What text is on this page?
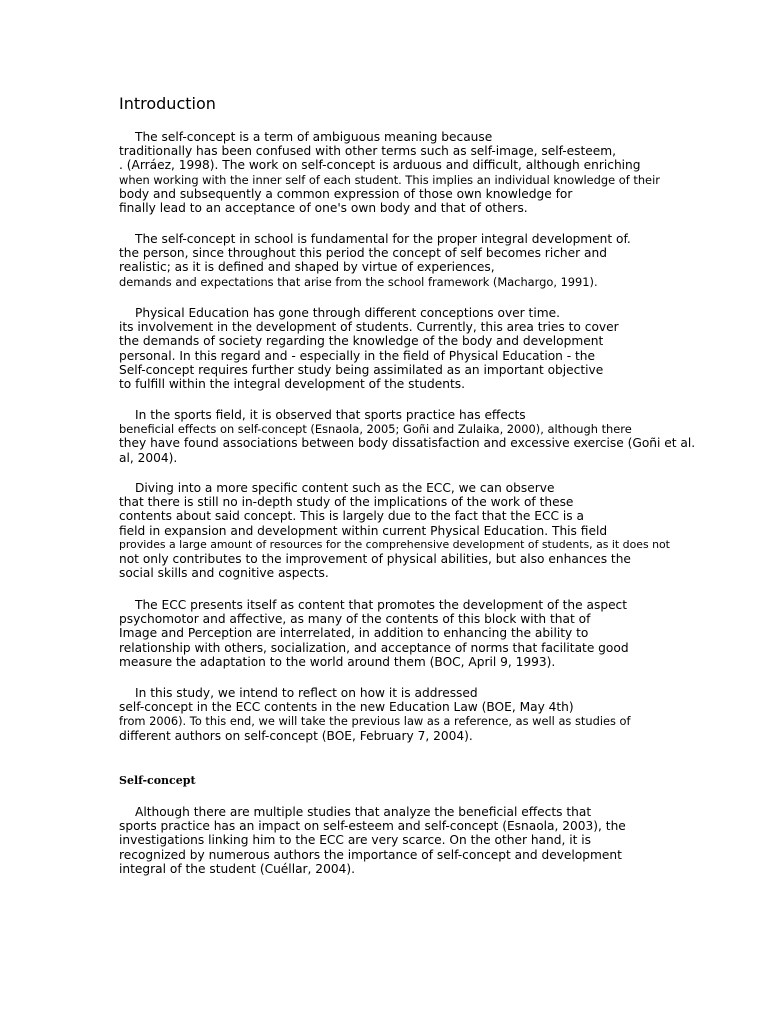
Introduction
The self-concept is a term of ambiguous meaning because
traditionally has been confused with other terms such as self-image, self-esteem,
. (Arráez, 1998). The work on self-concept is arduous and difficult, although enriching
when working with the inner self of each student. This implies an individual knowledge of their
body and subsequently a common expression of those own knowledge for
finally lead to an acceptance of one's own body and that of others.
The self-concept in school is fundamental for the proper integral development of.
the person, since throughout this period the concept of self becomes richer and
realistic; as it is defined and shaped by virtue of experiences,
demands and expectations that arise from the school framework (Machargo, 1991).
Physical Education has gone through different conceptions over time.
its involvement in the development of students. Currently, this area tries to cover
the demands of society regarding the knowledge of the body and development
personal. In this regard and - especially in the field of Physical Education - the
Self-concept requires further study being assimilated as an important objective
to fulfill within the integral development of the students.
In the sports field, it is observed that sports practice has effects
beneficial effects on self-concept (Esnaola, 2005; Goñi and Zulaika, 2000), although there
they have found associations between body dissatisfaction and excessive exercise (Goñi et al.
al, 2004).
Diving into a more specific content such as the ECC, we can observe
that there is still no in-depth study of the implications of the work of these
contents about said concept. This is largely due to the fact that the ECC is a
field in expansion and development within current Physical Education. This field
provides a large amount of resources for the comprehensive development of students, as it does not
not only contributes to the improvement of physical abilities, but also enhances the
social skills and cognitive aspects.
The ECC presents itself as content that promotes the development of the aspect
psychomotor and affective, as many of the contents of this block with that of
Image and Perception are interrelated, in addition to enhancing the ability to
relationship with others, socialization, and acceptance of norms that facilitate good
measure the adaptation to the world around them (BOC, April 9, 1993).
In this study, we intend to reflect on how it is addressed
self-concept in the ECC contents in the new Education Law (BOE, May 4th)
from 2006). To this end, we will take the previous law as a reference, as well as studies of
different authors on self-concept (BOE, February 7, 2004).
Self-concept
Although there are multiple studies that analyze the beneficial effects that
sports practice has an impact on self-esteem and self-concept (Esnaola, 2003), the
investigations linking him to the ECC are very scarce. On the other hand, it is
recognized by numerous authors the importance of self-concept and development
integral of the student (Cuéllar, 2004).
